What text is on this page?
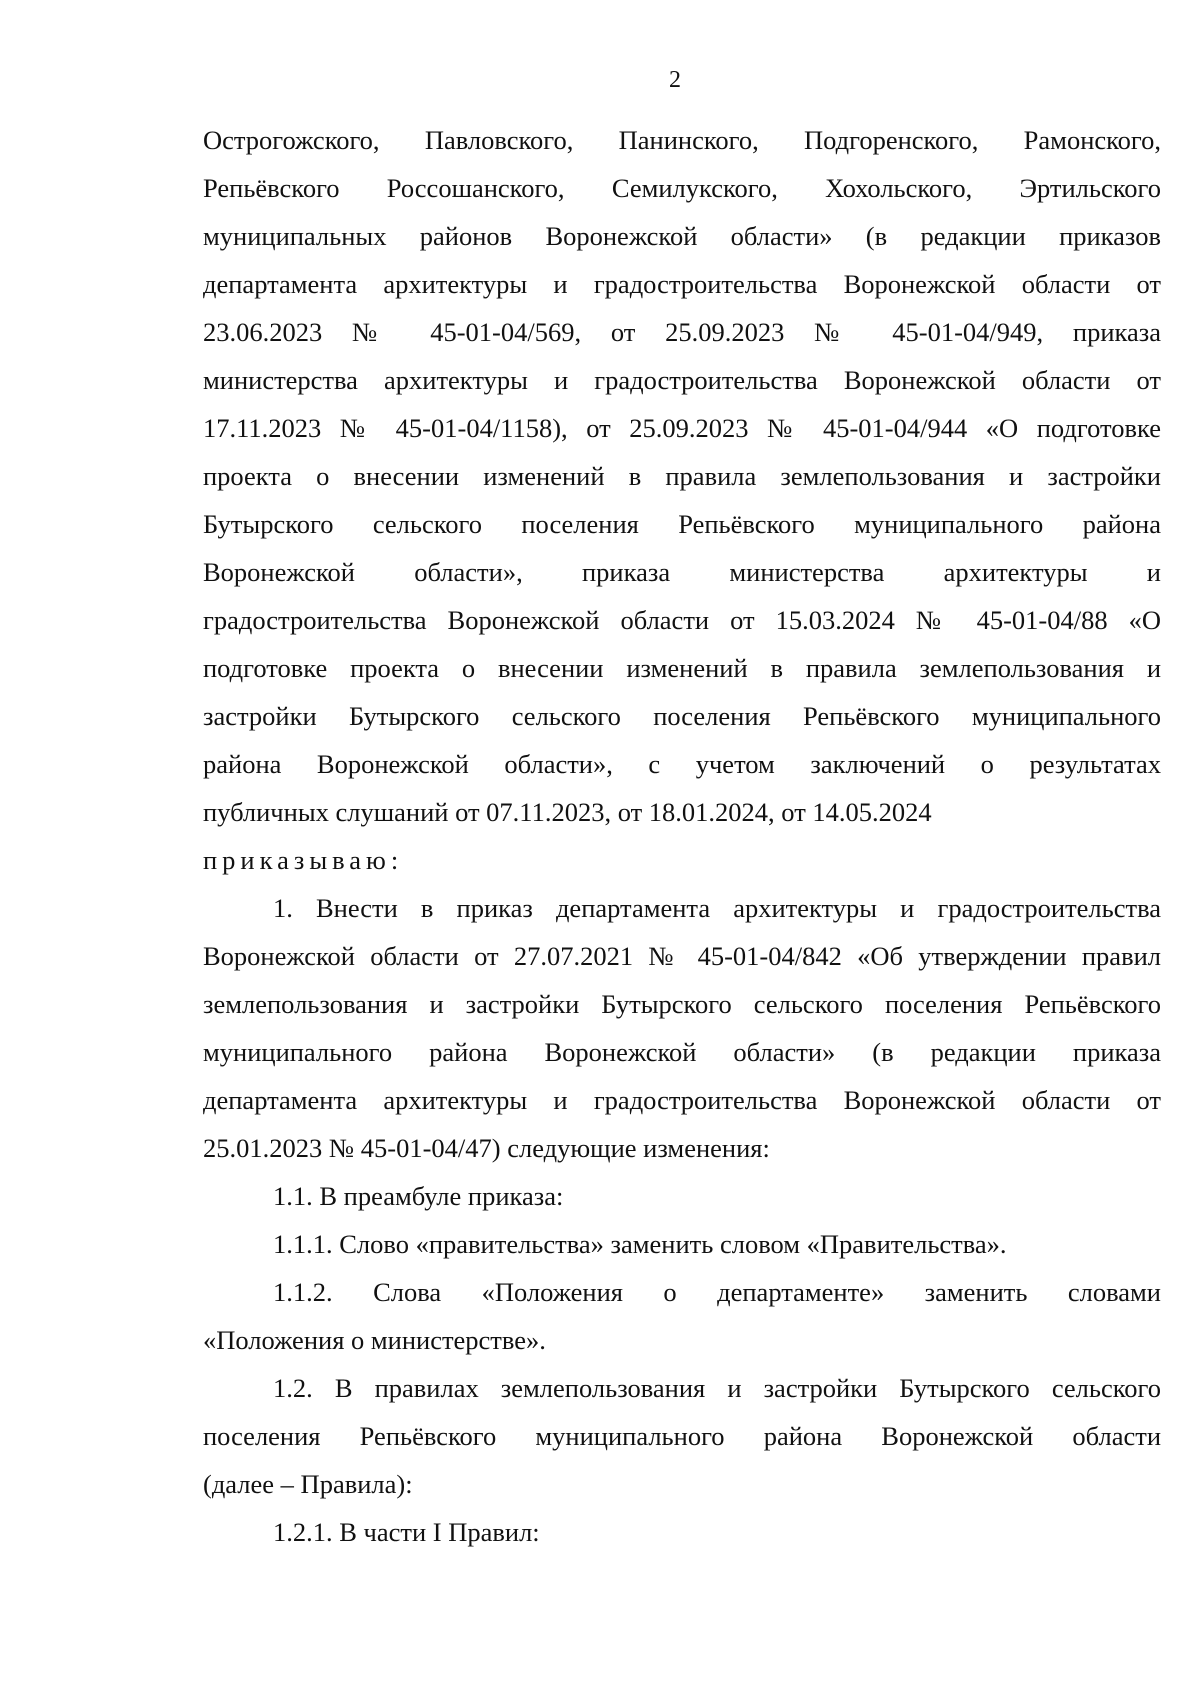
2
Острогожского, Павловского, Панинского, Подгоренского, Рамонского,
Репьёвского Россошанского, Семилукского, Хохольского, Эртильского
муниципальных районов Воронежской области» (в редакции приказов
департамента архитектуры и градостроительства Воронежской области от
23.06.2023 № 45-01-04/569, от 25.09.2023 № 45-01-04/949, приказа
министерства архитектуры и градостроительства Воронежской области от
17.11.2023 № 45-01-04/1158), от 25.09.2023 № 45-01-04/944 «О подготовке
проекта о внесении изменений в правила землепользования и застройки
Бутырского сельского поселения Репьёвского муниципального района
Воронежской области», приказа министерства архитектуры и
градостроительства Воронежской области от 15.03.2024 № 45-01-04/88 «О
подготовке проекта о внесении изменений в правила землепользования и
застройки Бутырского сельского поселения Репьёвского муниципального
района Воронежской области», с учетом заключений о результатах
публичных слушаний от 07.11.2023, от 18.01.2024, от 14.05.2024
приказываю:
1. Внести в приказ департамента архитектуры и градостроительства
Воронежской области от 27.07.2021 № 45-01-04/842 «Об утверждении правил
землепользования и застройки Бутырского сельского поселения Репьёвского
муниципального района Воронежской области» (в редакции приказа
департамента архитектуры и градостроительства Воронежской области от
25.01.2023 № 45-01-04/47) следующие изменения:
1.1. В преамбуле приказа:
1.1.1. Слово «правительства» заменить словом «Правительства».
1.1.2. Слова «Положения о департаменте» заменить словами
«Положения о министерстве».
1.2. В правилах землепользования и застройки Бутырского сельского
поселения Репьёвского муниципального района Воронежской области
(далее – Правила):
1.2.1. В части I Правил:
